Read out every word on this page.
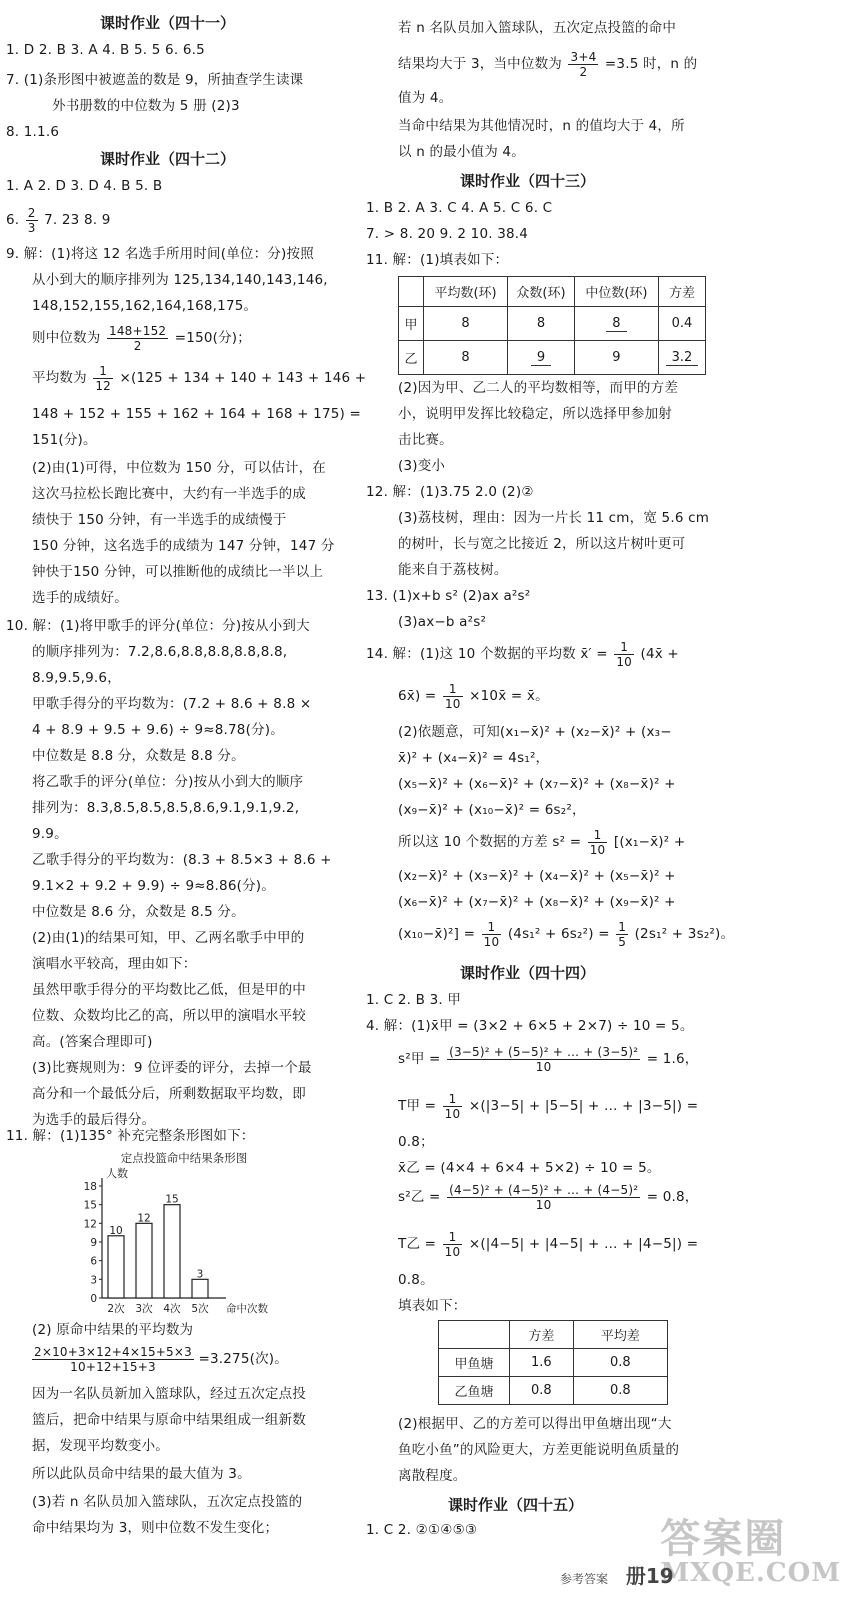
课时作业（四十一）
1. D 2. B 3. A 4. B 5. 5 6. 6.5
7. (1)条形图中被遮盖的数是 9，所抽查学生读课
外书册数的中位数为 5 册 (2)3
8. 1.1.6
课时作业（四十二）
1. A 2. D 3. D 4. B 5. B
6. $\frac{2}{3} 7$. 23 8. 9
9. 解：(1)将这 12 名选手所用时间(单位：分)按照
从小到大的顺序排列为 125,134,140,143,146,
148,152,155,162,164,168,175。
则中位数为 $\frac{148+152}{2} =150$(分)；
平均数为 $\frac{1}{12} \times(125 + 134 + 140 + 143 + 146$ +
148 + 152 + 155 + 162 + 164 + 168 + 175) =
151(分)。
(2)由(1)可得，中位数为 150 分，可以估计，在
这次马拉松长跑比赛中，大约有一半选手的成
绩快于 150 分钟，有一半选手的成绩慢于
150 分钟，这名选手的成绩为 147 分钟，147 分
钟快于150 分钟，可以推断他的成绩比一半以上
选手的成绩好。
10. 解：(1)将甲歌手的评分(单位：分)按从小到大
的顺序排列为：7.2,8.6,8.8,8.8,8.8,8.8,
8.9,9.5,9.6，
甲歌手得分的平均数为：(7.2 + 8.6 + 8.8 ×
4 + 8.9 + 9.5 + 9.6) ÷ 9≈8.78(分)。
中位数是 8.8 分，众数是 8.8 分。
将乙歌手的评分(单位：分)按从小到大的顺序
排列为：8.3,8.5,8.5,8.5,8.6,9.1,9.1,9.2,
9.9。
乙歌手得分的平均数为：(8.3 + 8.5×3 + 8.6 +
9.1×2 + 9.2 + 9.9) ÷ 9≈8.86(分)。
中位数是 8.6 分，众数是 8.5 分。
(2)由(1)的结果可知，甲、乙两名歌手中甲的
演唱水平较高，理由如下：
虽然甲歌手得分的平均数比乙低，但是甲的中
位数、众数均比乙的高，所以甲的演唱水平较
高。(答案合理即可)
(3)比赛规则为：9 位评委的评分，去掉一个最
高分和一个最低分后，所剩数据取平均数，即
为选手的最后得分。
11. 解：(1)135° 补充完整条形图如下：
定点投篮命中结果条形图
人数
10
12
15
3
0
3
6
9
12
15
18
2次 3次 4次 5次 命中次数
(2) 原命中结果的平均数为
$\frac{2\times 10+3\times 12+4\times 15+5\times 3}{10+12+15+3} =3.275$(次)。
因为一名队员新加入篮球队，经过五次定点投
篮后，把命中结果与原命中结果组成一组新数
据，发现平均数变小。
所以此队员命中结果的最大值为 3。
(3)若 n 名队员加入篮球队，五次定点投篮的
命中结果均为 3，则中位数不发生变化；
若 n 名队员加入篮球队，五次定点投篮的命中
结果均大于 3，当中位数为 $\frac{3+4}{2} =3.5$ 时，n 的
值为 4。
当命中结果为其他情况时，n 的值均大于 4，所
以 n 的最小值为 4。
课时作业（四十三）
1. B 2. A 3. C 4. A 5. C 6. C
7. > 8. 20 9. 2 10. 38.4
11. 解：(1)填表如下：
	平均数(环)	众数(环)	中位数(环)	方差
甲	8	8	8	0.4
乙	8	9	9	3.2
(2)因为甲、乙二人的平均数相等，而甲的方差
小，说明甲发挥比较稳定，所以选择甲参加射
击比赛。
(3)变小
12. 解：(1)3.75 2.0 (2)②
(3)荔枝树，理由：因为一片长 11 cm，宽 5.6 cm
的树叶，长与宽之比接近 2，所以这片树叶更可
能来自于荔枝树。
13. (1)x+b s² (2)ax a²s²
(3)ax−b a²s²
14. 解：(1)这 10 个数据的平均数 x̄′ = $\frac{1}{10}$ (4x̄ +
6x̄) = $\frac{1}{10}$ ×10x̄ = x̄。
(2)依题意，可知(x₁−x̄)² + (x₂−x̄)² + (x₃−
x̄)² + (x₄−x̄)² = 4s₁²，
(x₅−x̄)² + (x₆−x̄)² + (x₇−x̄)² + (x₈−x̄)² +
(x₉−x̄)² + (x₁₀−x̄)² = 6s₂²，
所以这 10 个数据的方差 $s^2 = \frac{1}{10}$ [(x₁−x̄)² +
(x₂−x̄)² + (x₃−x̄)² + (x₄−x̄)² + (x₅−x̄)² +
(x₆−x̄)² + (x₇−x̄)² + (x₈−x̄)² + (x₉−x̄)² +
(x₁₀−x̄)²] = $\frac{1}{10} (4s_1^2 + 6s_2^2) = \frac{1}{5} (2s_1^2 + 3s_2^2)$。
课时作业（四十四）
1. C 2. B 3. 甲
4. 解：(1)x̄甲 = (3×2 + 6×5 + 2×7) ÷ 10 = 5。
s²甲 = $\frac{\text{(3−5)² + (5−5)² + … + (3−5)²}}{10} = 1.6$，
T甲 = $\frac{1}{10} \times(|3-5| + |5-5|$ + … + |3−5|) =
0.8；
x̄乙 = (4×4 + 6×4 + 5×2) ÷ 10 = 5。
s²乙 = $\frac{\text{(4−5)² + (4−5)² + … + (4−5)²}}{10} = 0.8$，
T乙 = $\frac{1}{10} \times(|4-5| + |4-5|$ + … + |4−5|) =
0.8。
填表如下：
	方差	平均差
甲鱼塘	1.6	0.8
乙鱼塘	0.8	0.8
(2)根据甲、乙的方差可以得出甲鱼塘出现“大
鱼吃小鱼”的风险更大，方差更能说明鱼质量的
离散程度。
课时作业（四十五）
1. C 2. ②①④⑤③	答案圈
MXQE.COM
参考答案 册19
